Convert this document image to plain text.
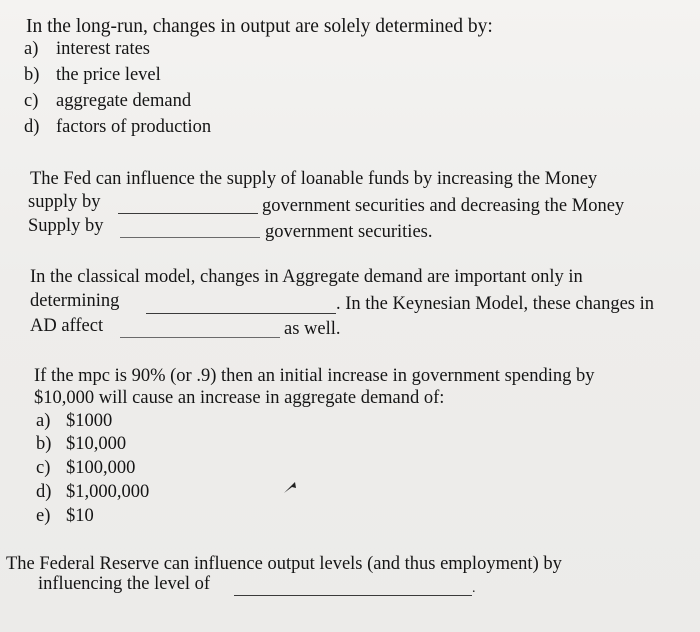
In the long-run, changes in output are solely determined by:
a) interest rates
b) the price level
c) aggregate demand
d) factors of production
The Fed can influence the supply of loanable funds by increasing the Money
supply by	government securities and decreasing the Money
Supply by	government securities.
In the classical model, changes in Aggregate demand are important only in
determining	. In the Keynesian Model, these changes in
AD affect	as well.
If the mpc is 90% (or .9) then an initial increase in government spending by
$10,000 will cause an increase in aggregate demand of:
a) $1000
b) $10,000
c) $100,000
d) $1,000,000
e) $10
The Federal Reserve can influence output levels (and thus employment) by
influencing the level of	.
